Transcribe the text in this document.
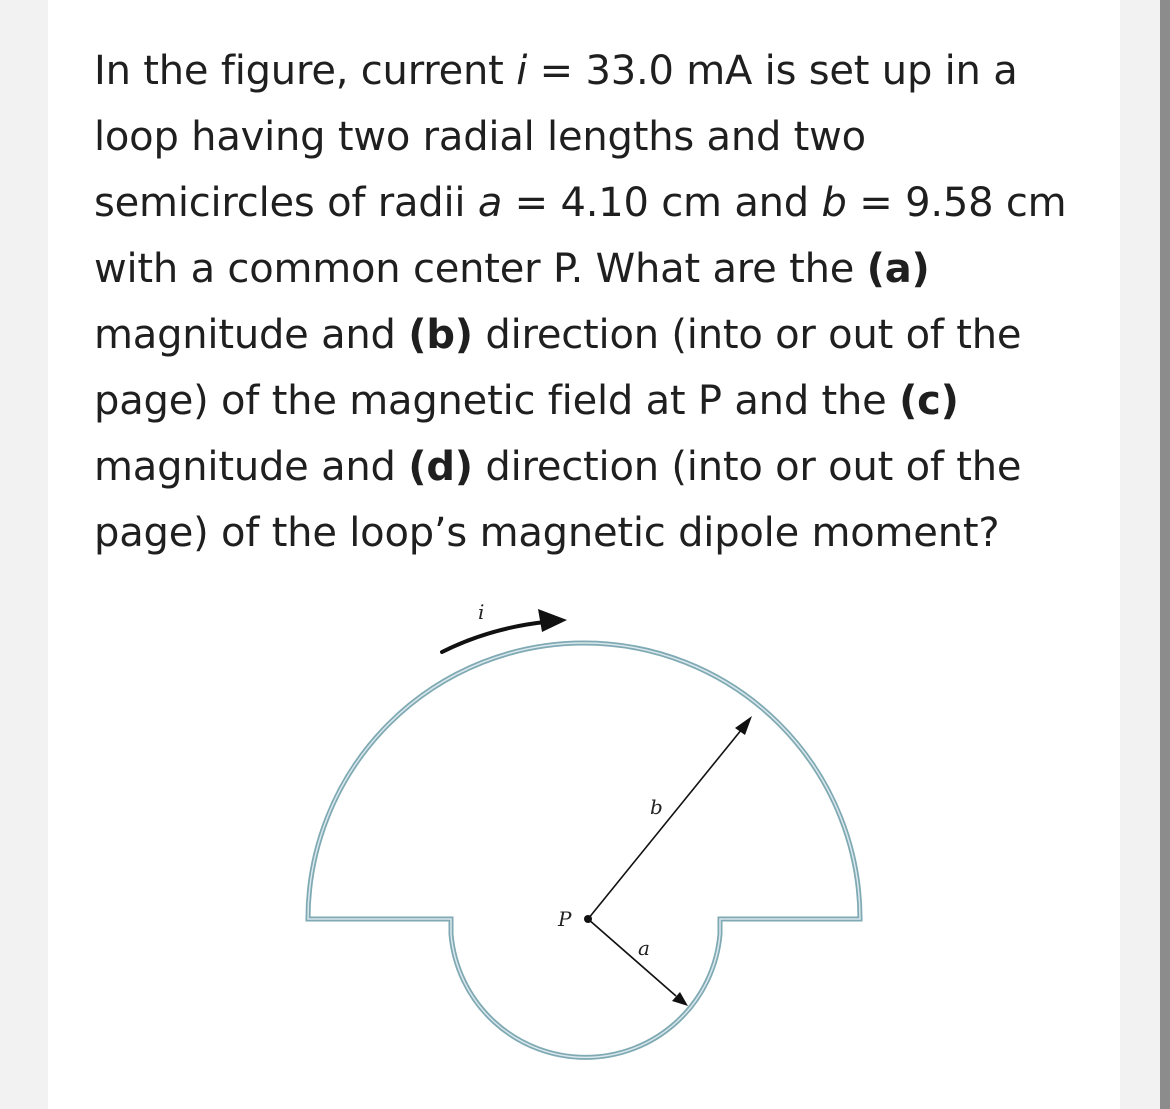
In the figure, current i = 33.0 mA is set up in a
loop having two radial lengths and two
semicircles of radii a = 4.10 cm and b = 9.58 cm
with a common center P. What are the (a)
magnitude and (b) direction (into or out of the
page) of the magnetic field at P and the (c)
magnitude and (d) direction (into or out of the
page) of the loop’s magnetic dipole moment?
i
b
a
P
